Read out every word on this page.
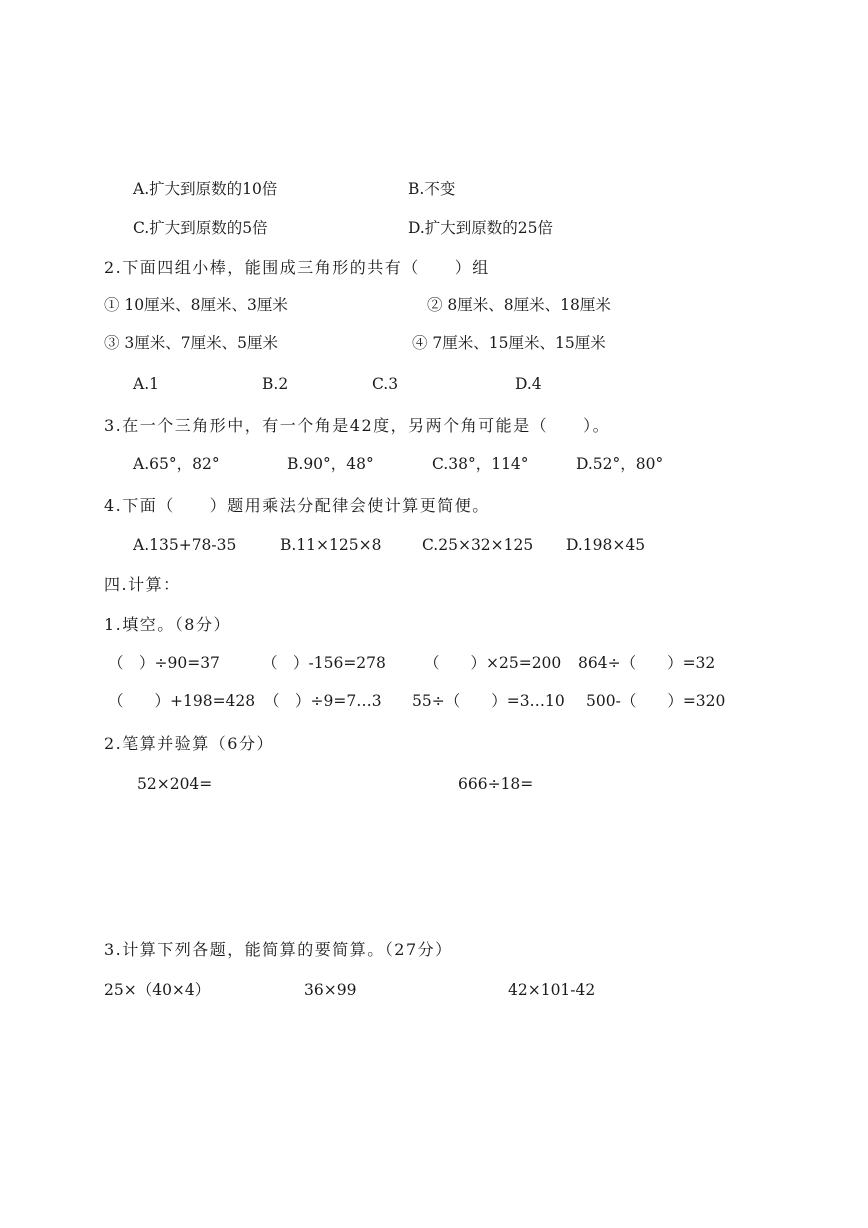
A.扩大到原数的10倍	B.不变
C.扩大到原数的5倍	D.扩大到原数的25倍
2.下面四组小棒，能围成三角形的共有（　　）组
① 10厘米、8厘米、3厘米	② 8厘米、8厘米、18厘米
③ 3厘米、7厘米、5厘米	④ 7厘米、15厘米、15厘米
A.1	B.2	C.3	D.4
3.在一个三角形中，有一个角是42度，另两个角可能是（　　）。
A.65°，82°	B.90°，48°	C.38°，114°	D.52°，80°
4.下面（　　）题用乘法分配律会使计算更简便。
A.135+78-35	B.11×125×8	C.25×32×125 D.198×45
四.计算：
1.填空。（8分）
（　）÷90=37	（　）-156=278 （　　）×25=200 864÷（　　）=32
（　　）+198=428 （　）÷9=7…3 55÷（　　）=3…10 500-（　　）=320
2.笔算并验算（6分）
52×204=	666÷18=
3.计算下列各题，能简算的要简算。（27分）
25×（40×4）	36×99	42×101-42
